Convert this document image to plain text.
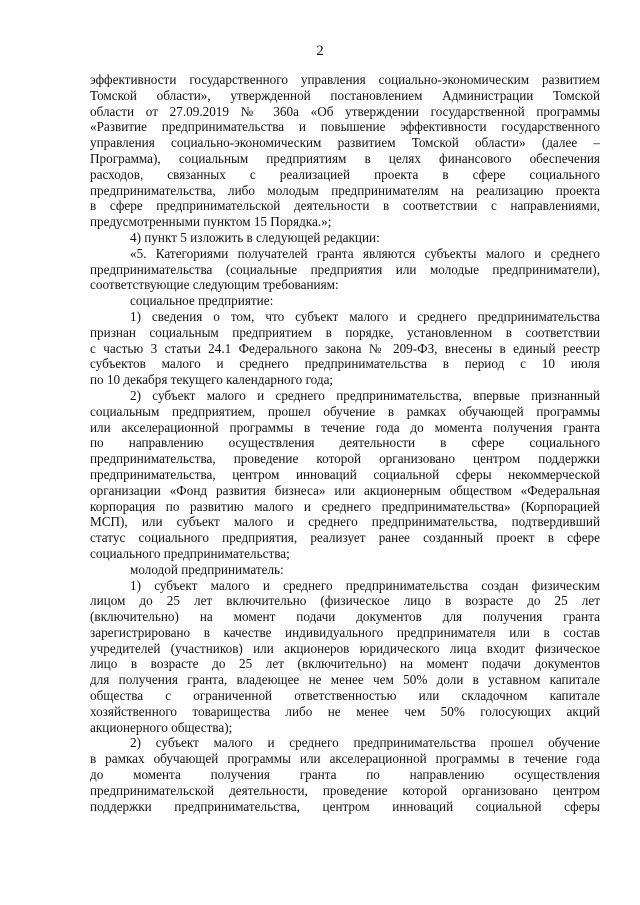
2
эффективности государственного управления социально-экономическим развитием
Томской области», утвержденной постановлением Администрации Томской
области от 27.09.2019 № 360а «Об утверждении государственной программы
«Развитие предпринимательства и повышение эффективности государственного
управления социально-экономическим развитием Томской области» (далее –
Программа), социальным предприятиям в целях финансового обеспечения
расходов, связанных с реализацией проекта в сфере социального
предпринимательства, либо молодым предпринимателям на реализацию проекта
в сфере предпринимательской деятельности в соответствии с направлениями,
предусмотренными пунктом 15 Порядка.»;
4) пункт 5 изложить в следующей редакции:
«5. Категориями получателей гранта являются субъекты малого и среднего
предпринимательства (социальные предприятия или молодые предприниматели),
соответствующие следующим требованиям:
социальное предприятие:
1) сведения о том, что субъект малого и среднего предпринимательства
признан социальным предприятием в порядке, установленном в соответствии
с частью 3 статьи 24.1 Федерального закона № 209-ФЗ, внесены в единый реестр
субъектов малого и среднего предпринимательства в период с 10 июля
по 10 декабря текущего календарного года;
2) субъект малого и среднего предпринимательства, впервые признанный
социальным предприятием, прошел обучение в рамках обучающей программы
или акселерационной программы в течение года до момента получения гранта
по направлению осуществления деятельности в сфере социального
предпринимательства, проведение которой организовано центром поддержки
предпринимательства, центром инноваций социальной сферы некоммерческой
организации «Фонд развития бизнеса» или акционерным обществом «Федеральная
корпорация по развитию малого и среднего предпринимательства» (Корпорацией
МСП), или субъект малого и среднего предпринимательства, подтвердивший
статус социального предприятия, реализует ранее созданный проект в сфере
социального предпринимательства;
молодой предприниматель:
1) субъект малого и среднего предпринимательства создан физическим
лицом до 25 лет включительно (физическое лицо в возрасте до 25 лет
(включительно) на момент подачи документов для получения гранта
зарегистрировано в качестве индивидуального предпринимателя или в состав
учредителей (участников) или акционеров юридического лица входит физическое
лицо в возрасте до 25 лет (включительно) на момент подачи документов
для получения гранта, владеющее не менее чем 50% доли в уставном капитале
общества с ограниченной ответственностью или складочном капитале
хозяйственного товарищества либо не менее чем 50% голосующих акций
акционерного общества);
2) субъект малого и среднего предпринимательства прошел обучение
в рамках обучающей программы или акселерационной программы в течение года
до момента получения гранта по направлению осуществления
предпринимательской деятельности, проведение которой организовано центром
поддержки предпринимательства, центром инноваций социальной сферы
